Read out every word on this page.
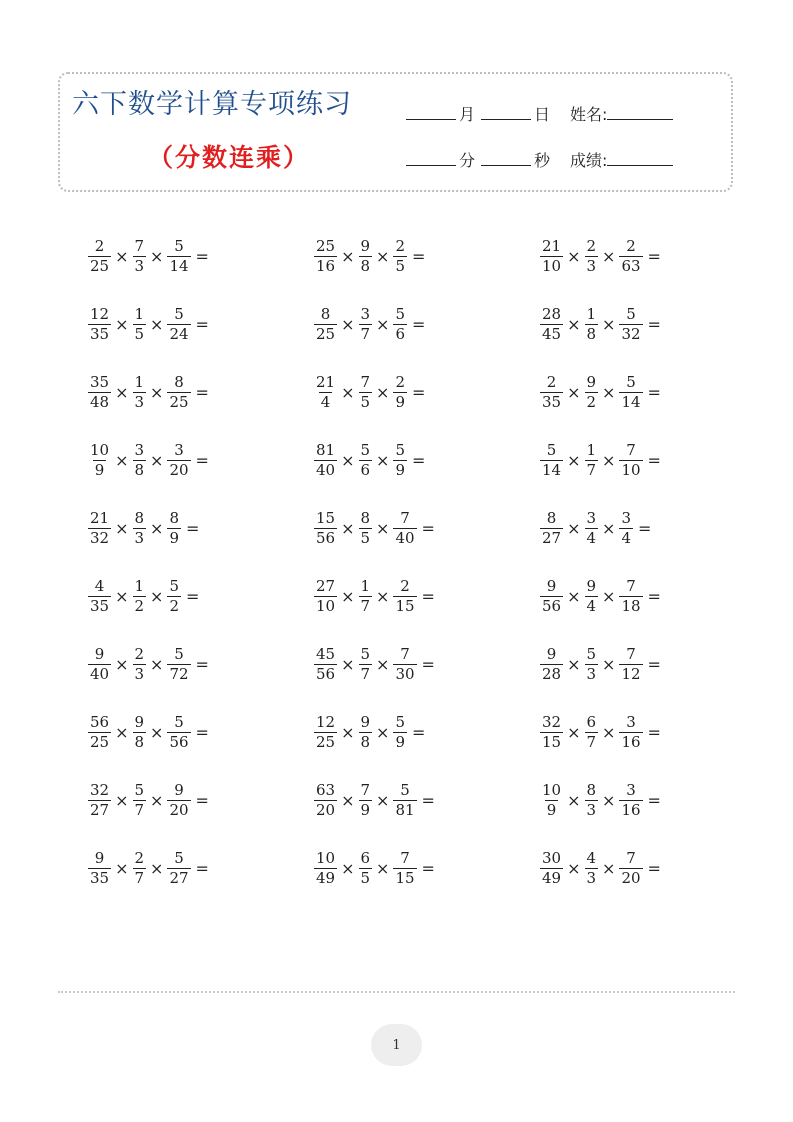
六下数学计算专项练习
（分数连乘）
月	日 姓名:
分	秒 成绩:
$\frac{2}{25} \times \frac{7}{3} \times \frac{5}{14}$ =	$\frac{25}{16} \times \frac{9}{8} \times \frac{2}{5}$ =	$\frac{21}{10} \times \frac{2}{3} \times \frac{2}{63}$ =
$\frac{12}{35} \times \frac{1}{5} \times \frac{5}{24}$ =	$\frac{8}{25} \times \frac{3}{7} \times \frac{5}{6}$ =	$\frac{28}{45} \times \frac{1}{8} \times \frac{5}{32}$ =
$\frac{35}{48} \times \frac{1}{3} \times \frac{8}{25}$ =	$\frac{21}{4} \times \frac{7}{5} \times \frac{2}{9}$ =	$\frac{2}{35} \times \frac{9}{2} \times \frac{5}{14}$ =
$\frac{10}{9} \times \frac{3}{8} \times \frac{3}{20}$ =	$\frac{81}{40} \times \frac{5}{6} \times \frac{5}{9}$ =	$\frac{5}{14} \times \frac{1}{7} \times \frac{7}{10}$ =
$\frac{21}{32} \times \frac{8}{3} \times \frac{8}{9}$ =	$\frac{15}{56} \times \frac{8}{5} \times \frac{7}{40}$ =	$\frac{8}{27} \times \frac{3}{4} \times \frac{3}{4}$ =
$\frac{4}{35} \times \frac{1}{2} \times \frac{5}{2}$ =	$\frac{27}{10} \times \frac{1}{7} \times \frac{2}{15}$ =	$\frac{9}{56} \times \frac{9}{4} \times \frac{7}{18}$ =
$\frac{9}{40} \times \frac{2}{3} \times \frac{5}{72}$ =	$\frac{45}{56} \times \frac{5}{7} \times \frac{7}{30}$ =	$\frac{9}{28} \times \frac{5}{3} \times \frac{7}{12}$ =
$\frac{56}{25} \times \frac{9}{8} \times \frac{5}{56}$ =	$\frac{12}{25} \times \frac{9}{8} \times \frac{5}{9}$ =	$\frac{32}{15} \times \frac{6}{7} \times \frac{3}{16}$ =
$\frac{32}{27} \times \frac{5}{7} \times \frac{9}{20}$ =	$\frac{63}{20} \times \frac{7}{9} \times \frac{5}{81}$ =	$\frac{10}{9} \times \frac{8}{3} \times \frac{3}{16}$ =
$\frac{9}{35} \times \frac{2}{7} \times \frac{5}{27}$ =	$\frac{10}{49} \times \frac{6}{5} \times \frac{7}{15}$ =	$\frac{30}{49} \times \frac{4}{3} \times \frac{7}{20}$ =
1
